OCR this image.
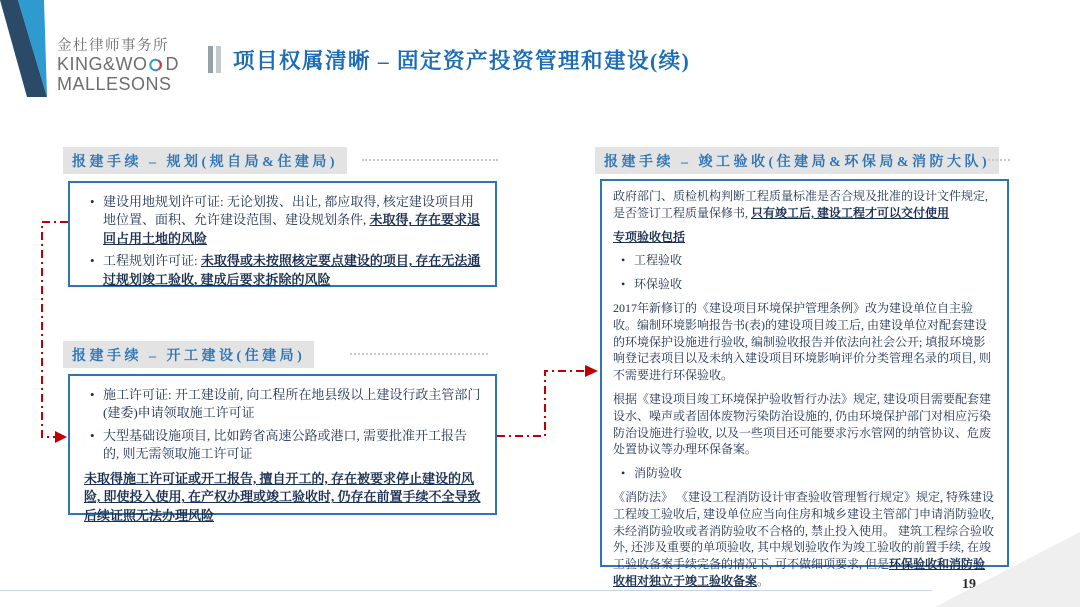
金杜律师事务所
KING&WO D
MALLESONS
项目权属清晰 – 固定资产投资管理和建设(续)
报建手续 – 规划(规自局&住建局)
• 建设用地规划许可证: 无论划拨、出让, 都应取得, 核定建设项目用地位置、面积、允许建设范围、建设规划条件, 未取得, 存在要求退回占用土地的风险
• 工程规划许可证: 未取得或未按照核定要点建设的项目, 存在无法通过规划竣工验收, 建成后要求拆除的风险
报建手续 – 开工建设(住建局)
• 施工许可证: 开工建设前, 向工程所在地县级以上建设行政主管部门(建委)申请领取施工许可证
• 大型基础设施项目, 比如跨省高速公路或港口, 需要批准开工报告的, 则无需领取施工许可证
未取得施工许可证或开工报告, 擅自开工的, 存在被要求停止建设的风险, 即使投入使用, 在产权办理或竣工验收时, 仍存在前置手续不全导致后续证照无法办理风险
报建手续 – 竣工验收(住建局&环保局&消防大队)

政府部门、质检机构判断工程质量标准是否合规及批准的设计文件规定, 是否签订工程质量保修书, 只有竣工后, 建设工程才可以交付使用

专项验收包括

• 工程验收
• 环保验收

2017年新修订的《建设项目环境保护管理条例》改为建设单位自主验收。编制环境影响报告书(表)的建设项目竣工后, 由建设单位对配套建设的环境保护设施进行验收, 编制验收报告并依法向社会公开; 填报环境影响登记表项目以及未纳入建设项目环境影响评价分类管理名录的项目, 则不需要进行环保验收。

根据《建设项目竣工环境保护验收暂行办法》规定, 建设项目需要配套建设水、噪声或者固体废物污染防治设施的, 仍由环境保护部门对相应污染防治设施进行验收, 以及一些项目还可能要求污水管网的纳管协议、危废处置协议等办理环保备案。

• 消防验收

《消防法》 《建设工程消防设计审查验收管理暂行规定》规定, 特殊建设工程竣工验收后, 建设单位应当向住房和城乡建设主管部门申请消防验收, 未经消防验收或者消防验收不合格的, 禁止投入使用。 建筑工程综合验收外, 还涉及重要的单项验收, 其中规划验收作为竣工验收的前置手续, 在竣工验收备案手续完备的情况下, 可不做细项要求, 但是环保验收和消防验收相对独立于竣工验收备案。	19
